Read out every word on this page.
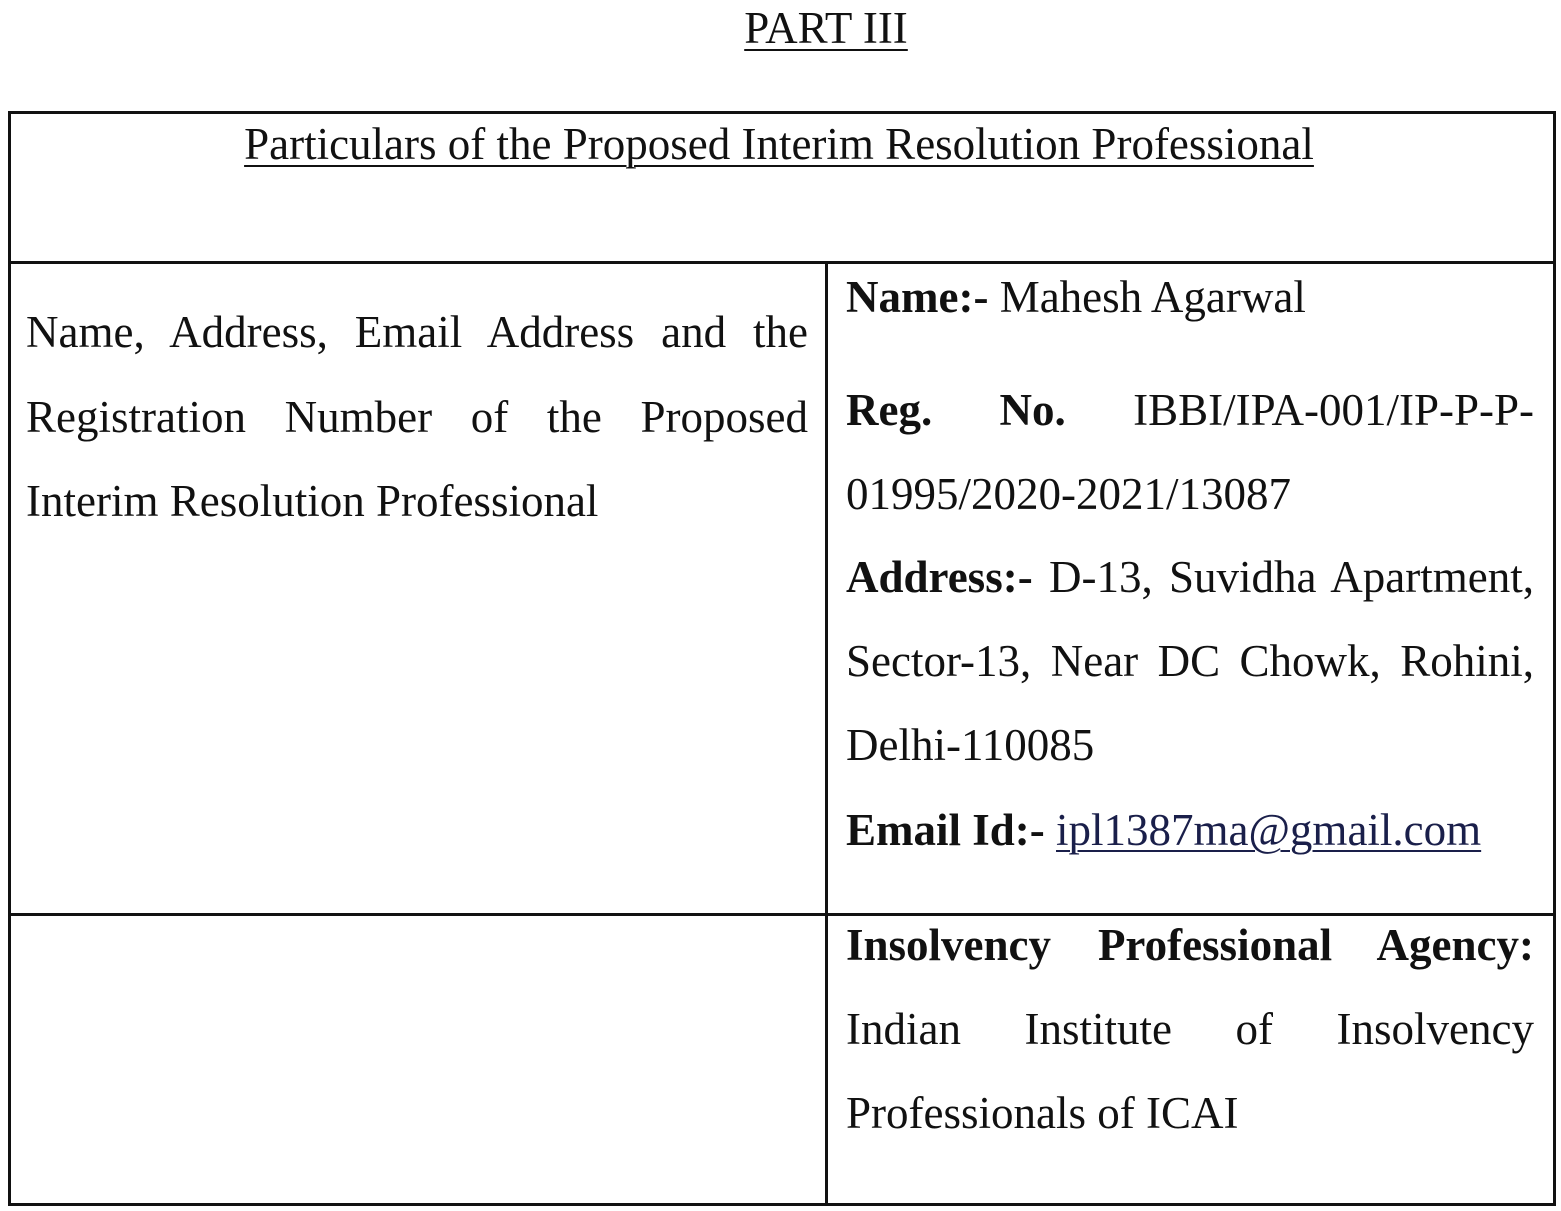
PART III
Particulars of the Proposed Interim Resolution Professional
Name, Address, Email Address and the Registration Number of the Proposed Interim Resolution Professional

Name:- Mahesh Agarwal

Reg. No. IBBI/IPA-001/IP-P-P-01995/2020-2021/13087

Address:- D-13, Suvidha Apartment, Sector-13, Near DC Chowk, Rohini, Delhi-110085

Email Id:- ipl1387ma@gmail.com

Insolvency Professional Agency: Indian Institute of Insolvency Professionals of ICAI
